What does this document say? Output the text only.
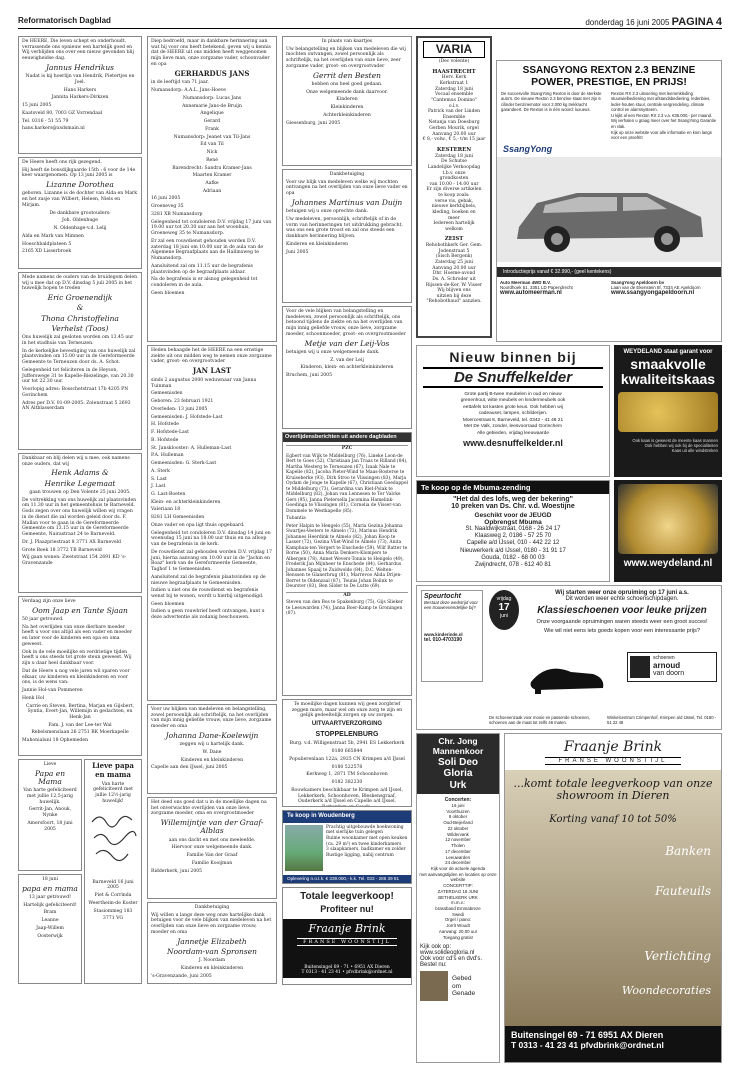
Reformatorisch Dagblad	donderdag 16 juni 2005 PAGINA 4

De HEERE, Die leven schept en onderhoudt, verrassende ons opnieuw een hartelijk goed en Wij verblijden ons over een nieuw gevonden blij eeuwigheidse dag.

Jannus Hendrikus

Nadat is kij hoerlijn van Hendrik, Pietertjes en Joel.

Hans Harkers

Jannita Harkers-Dirkzen

15 juni 2005

Kaatsveld 80, 7003 GZ Vorrendaal

Tel. 0316 - 51 55 79

hans.harkers@xsdsmain.nl

De Heere heeft ons rijk gezegend.

Hij heeft de bonsdijkgaarde 15th : 6 voor de 14e keer waargenomen. Op 13 juni 2005 is

Lizanne Dorothea

geboren. Lizanne is de dochter van Alda en Mark en het zusje van Wilbert, Heleen, Niels en Mirjam.

De dankbare grootouders:

Joh. Oldenhuge

N. Oldenhage-v.d. Lelij

Alda en Mark van Mimnen

Hoeschbaldplateen 5

2165 XD Lisserbroek

Mede namens de ouders van de bruidegom delen wij u mee dat op D.V. dinsdag 5 juli 2005 in het huwelijk hopen te treden

Eric Groenendijk

&

Thona Christoffelina

Verhelst (Toos)

Ons huwelijk zal gesloten worden om 13.45 uur in het stadhuis van Terneuzen.

In de kerkelijke bevestiging van ons huwelijk zal plaatsvinden om 15.00 uur in de Gereformeerde Gemeente te Terneuzen door ds. A. Schot.

Gelegenheid tot feliciteren in de Heyson, Jufferswege 31 te Kapelle-Biezelinge, van 20.30 uur tot 22.30 uur.

Voorlopig adres: Bosschetstraat 17b 4205 PN Gorinchem

Adres per D.V. 01-09-2005: Zolenstraat 5 2693 AN Altblasserdam

Dankbaar en blij delen wij u mee, ook namens onze ouders, dat wij

Henk Adams &

Henrike Legemaat

gaan trouwen op Den Volente 25 juni 2005.

De voltrekking van ons huwelijk zal plaatsvinden om 11.30 uur in het gemeentehuis te Barneveld. Gods zegen over ons huwelijk willen wij vragen in de dienst die zal worden geleid door ds. F. Mallan voor te gaan in de Gereformeerde Gemeente om 13.15 uur in de Gereformeerde Gemeente, Nairastraat 24 te Barneveld.

Dr. J. Plaazpriestraat 8 3771 AX Barneveld

Grote Beek 18 3772 TB Barneveld

Wij gaan wonen: Zwetstraat 154 2691 KD 's-Gravenzande

Verdaag zijn onze lieve

Oom Jaap en Tante Sjaan

50 jaar getrouwd.

Na het overlijden van onze dierbare moeder heeft u voor ons altijd als een vader en moeder en later voor de kinderen een opa en oma geweest.

Ook in de vele moeilijke en verdrietige tijden heeft u ons steeds tot grote steun geweest. Wij zijn u daar heel dankbaar voor.

Dat de Heere u nog vele jaren wil sparen voor elkaar, uw kinderen en kleinkinderen en voor ons, is de wens van:

Jannie Hol-van Pommeren

Henk Hol

Carrie en Steven, Bertina, Marjan en Gijsbert, Syntia, Evert-Jan, Willemijn in gedachten, en Henk-Jan

Fam. J. van der Lee-ter Wal

Rebelsmenslaan 26 2751 BK Moerkapelle

Mahonialuni 18 Ophemeden

Lieve

Papa en Mama

Van harte gefeliciteerd met jullie 12,5-jarig huwelijk.

Gerrit-Jan, Anouk, Nynke

Amersfoort, 18 juni 2005

Lieve papa en mama

Van harte gefeliciteerd met jullie 12½-jarig huwelijk!

Barneveld 16 juni 2005

Piet & Corrinda

Weertheim-de Koster

Stasiommeg 183

3771 VG

18 juni

papa en mama

13 jaar getrouwd!

Hartelijk gefeliciteerd!

Bram

Leanne

Jaap-Willem

Oosterwijk

Diep bedroefd, maar in dankbare herinnering aan wat hij voor ons heeft betekend, geven wij u kennis dat de HEERE uit ons midden heeft weggenomen mijn lieve man, onze zorgzame vader, schoonvader en opa

GERHARDUS JANS

in de leeftijd van 71 jaar.

Numansdorp: A.A.L. Jans-Hoeve

Numansdorp: Lucas Jans

Annemarie Jans-de Bruijn

Angelique

Gerard

Frank

Numansdorp: Jeanet van Til-Jans

Ed van Til

Nick

René

Barendrecht: Sandra Kramer-Jans

Maarten Kramer

Aafke

Adriaan

16 juni 2005

Groeneveg 35

3281 XB Numansdorp

Gelegenheid tot condoleren D.V. vrijdag 17 juni van 19.00 uur tot 20.30 uur aan het woonhuis, Groeneweg 35 te Numansdorp.

Er zal een rouwdienst gehouden worden D.V. zaterdag 18 juni om 10.00 uur in de aula van de Algemene Begraafplaats aan de Hallinxweg te Numansdorp.

Aansluitend zal om 11.15 uur de begrafenis plaatsvinden op de begraafplaats aldaar.

Na de begrafenis is er alsnog gelegenheid tot condoleren in de aula.

Geen bloemen

Heden behaagde het de HEERE na een ernstige ziekte uit ons midden weg te nemen onze zorgzame vader, groot- en overgrootvader

JAN LAST

sinds 2 augustus 2000 weduwnaar van Janna Tuinman

Gemeenisden

Geboren: 23 februari 1921

Overleden: 13 juni 2005

Gemeenisden: J. Hofstede-Last

H. Hofstede

F. Hofstede-Last

B. Hofstede

St. Jansklooster: A. Hulleman-Last

P.A. Hulleman

Gemeenisden: G. Sterk-Last

A. Sterk

S. Last

J. Last

G. Last-Boeten

Klein- en achterkleinkinderen

Valeriaan 18

8281 LH Gemeenisden

Onze vader en opa ligt thuis opgebaard.

Gelegenheid tot condoleren D.V. dinsdag 14 juni en woensdag 15 juni na 18.00 uur thuis en na afloop van de begrafenis in de kerk.

De rouwdienst zal gehouden worden D.V. vrijdag 17 juni, hierna aanvang om 10.00 uur in de "Jachin en Boaz" kerk van de Gereformeerde Gemeente, Taghof 1 te Gemeenisden.

Aansluitend zal de begrafenis plaatsvinden op de nieuwe begraafplaats te Gemeenisden.

Indien u niet ons de rouwdienst en begrafenis wenst bij te wonen, wordt u hierbij uitgenodigd.

Geen bloemen

Indien u geen rouwbrief heeft ontvangen, kunt u deze advertentie als zodanig beschouwen.

Voor uw blijken van medeleven en belangstelling, zowel persoonlijk als schriftelijk, na het overlijden van mijn innig geliefde vrouw, onze lieve, zorgzame moeder en oma

Johanna Dane-Koelewijn

zeggen wij u hartelijk dank.

W. Dane

Kinderen en kleinkinderen

Capelle aan den IJssel, juni 2005

Het deed ons goed dat u in de moeilijke dagen na het onverwachte overlijden van onze lieve, zorgzame moeder, oma en overgrootmoeder

Willemijntje van der Graaf-Alblas

aan ons dacht en met ons meeleefde.

Hiervoor onze welgemeende dank.

Familie Van der Graaf

Familie Kooijman

Ridderkerk, juni 2005

Dankbetuiging

Wij willen u langs deze weg onze hartelijke dank betuigen voor de vele blijken van medeleven na het overlijden van onze lieve en zorgzame vrouw, moeder en oma

Jannetje Elizabeth

Noordam-van Spronsen

J. Noordam

Kinderen en kleinkinderen

's-Gravenzande, juni 2005

In plaats van kaartjes

Uw belangstelling en blijken van medeleven die wij mochten ontvangen, zowel persoonlijk als schriftelijk, na het overlijden van onze lieve, zeer zorgzame vader, groot- en overgrootvader

Gerrit den Besten

hebben ons heel goed gedaan.

Onze welgemeende dank daarvoor.

Kinderen

Kleinkinderen

Achterkleinkinderen

Giessenburg, juni 2005

Dankbetuiging

Voor uw blijk van medeleven welke wij mochten ontvangen na het overlijden van onze lieve vader en opa

Johannes Martinus van Duijn

betuigen wij u onze oprechte dank.

Uw medeleven, persoonlijk, schriftelijk of in de vorm van herinneringen tot uitdrukking gebracht, was ons een grote troost en zal ons steeds een dankbare herinnering blijven.

Kinderen en kleinkinderen

Juni 2005

Voor de vele blijken van belangstelling en medeleven, zowel persoonlijk als schriftelijk, ons betoond tijdens de ziekte en na het overlijden van mijn innig geliefde vrouw, onze lieve, zorgzame moeder, schoonmoeder, groot- en overgrootmoeder

Metje van der Leij-Vos

betuigen wij u onze welgemeende dank.

Z. van der Leij

Kinderen, klein- en achterkleinkinderen

Bruchem, juni 2005

Overlijdensberichten uit andere dagbladen

PZC

Egbert van Wijk te Middelburg (76), Lineke Loon-de Bert te Goes (52), Christiaan Jan Traas te Rilland (84), Martha Westerg te Terneuzen (67), Izaak Nale te Kapelle (82), Jacoba Pieter-Wind te Maas-Bosterse te Kruiseberke (93), Dirk Stroo te Vlissingen (83), Marja Oydam de Jonge te Kapelle (67), Christiaan Goedappel te Middelburg (73), Gerardina van Riet-Polak te Middelburg (82), Johan van Lennesen te Ter Valcke Gers (95), Janna Pietersella Jacomina Hamelink-Goedinga te Vlissingen (81), Cornelia de Visser-van Dommele te Westkapelle (85).

Tubantia

Peter Halpin te Hengelo (55), Maria Gezina Johanna Swartjes-Veeters te Almelo (72), Marinus Hendrik Johannes Heerdink te Almelo (82), Johan Koop te Lasser (72), Gezina Vliet-Wind te Almelo (73), Anita Kamphuis-ten Vergert te Enschede (59), Wilf Ratter te Borne (50), Anna Maria Denkers-Klompers te Albergen (78), Annet Wevers-Tonnis te Hengelo (49), Frederik Jan Mijnheer te Enschede (84), Gerhardus Johannes Spaaij te Zuidwolde (84), D.C. Welten-Renssen te Glanerbrug (81), Marrevoo Alida Drijen-Berret te Oldenzaal (87), Teunis Johan Bolink te Deurster (83), Ben Silder te De Lutte (69).

AD

Steven van den Bos te Spakenburg (75), Gijs Slieker te Leeuwarden (74), Janna Boer-Kamp te Groningen (87).

Te moeilijke dagen kunnen wij geen zorgbrief zeggen mare, maar wel om onze zorg te zijn en gelijk gedeeltelijk zorgen op uw zorgen.

UITVAARTVERZORGING

STOPPELENBURG

Burg. v.d. Willigenstraat 5b, 2941 ES Lekkerkerk

0180 665844

Populierenlaan 122a, 2925 CN Krimpen a/d IJssel

0180 522578

Kerkweg 1, 2871 TM Schoonhoven

0182 382230

Rouwkamers beschikbaar te Krimpen a/d IJssel, Lekkerkerk, Schoonhoven, Bleskensgraaf, Ouderkerk a/d IJssel en Capelle a/d IJssel.

Te koop in Woudenberg
Prachtig uitgebouwde hoekwoning met sierlijke tuin gelegen
Ruime woonkamer met open keuken (ca. 29 m²) en twee kinderkamers
3 slaapkamers, badkamer en zolder
Rustige ligging, nabij centrum
Oplevering n.o.t.k. € 339.000,- k.k. Tel. 033 - 286 39 81
Totale leegverkoop!
Profiteer nu!
Fraanje Brink
FRANSE WOONSTIJL
Buitensingel 69 - 71 • 6951 AX Dieren
T 0313 - 41 23 41 • pfvdbrink@ordnet.nl
VARIA
(Dec volente)
HAASTRECHT
Herv. Kerk
Kerkstraat 1
Zaterdag 18 juni
Vocaal ensemble
"Cantemus Domino"
o.l.v.
Patrick van der Linden
Ensemble
Netanja van Doesburg
Gerben Mourik, orgel
Aanvang 20.00 uur
€ 8,- volw., € 5,- t/m 15 jaar
KESTEREN
Zaterdag 18 juni
De Schutse
Landelijke Verkoopdag
t.b.v. onze
grondkosten
van 10.00 - 14.00 uur
Er zijn diverse artikelen
te koop zoals:
verse vis, gebak,
nieuwe kerkbijbels,
kleding, boeken en
meer
Iedereen hartelijk
welkom
ZEIST
Rehobothkerk Ger. Gem.
Jodenstraat 5
(Sisch Bergenk)
Zaterdag 25 juni
Aanvang 20.00 uur
Dhr. Hoeme-avond
Ds. A. Schroder uit
Rijssen-de-Ker, W. Visser
Wij blijven ons
uitzien bij deze
"Rehobothaud" aanzien.
SSANGYONG REXTON 2.3 BENZINE
POWER, PRESTIGE, EN PRIJS!

De succesvolle SsangYong Rexton is door de sterkste auto's. De nieuwe Rexton 2.3 benzine staat met zijn 6 cilinder benzinemotor voor 2.000 kg trekkracht garandeert. De Rexton is in één woord: luxueus.

Rexton RX 2.3 uitvoering met leeromkleding stuurwielbediening met afstandsbediening, ledenbies, leder-houten stuur, centrale vergrendeling, climate control en alarmsysteem.

U kijkt al een Rexton RX 2.3 v.a. €36.000,- per maand. Wij verhalen u graag meer over het SsangYong Garantie en vlak.

Kijk op onze website voor alle informatie en kom langs voor een proefrit!

SsangYong
Introductieprijs vanaf € 32.990,- (geel kentekens)
Auto Meerman 4WD B.V.
Noordhoek 51, 3351 LD Papendrecht
www.automeerman.nl
SsangYong Apeldoorn bv
Laan van de Ekenstein 5f, 7334 AE Apeldoorn
www.ssangyongapeldoorn.nl
Nieuw binnen bij
De Snuffelkelder
Grote partij B-twee meubelen in oud en nieuw
grenenhout, witte meubels en kindermeubels ook
eettafels tot kasten grote keus. Ook hebben wij
cadeauset, lampen, schilderijen.
Moercestraat 8, Barneveld, tel. 0342 - 41 48 21
Met De Valk, zonder, leesvoorraad Gorinchem
Alle gebieden, vrijdag leeuwaarde
www.desnuffelkelder.nl
WEYDELAND staat garant voor
smaakvolle kwaliteitskaas
Ook kaas is geweest de meeste kaas mannen
Ook hebben wij ook bij de specialiteiten
Kaas uit alle windstreken
Te koop op de Mbuma-zending
"Het dal des lofs, weg der bekering"
10 preken van Ds. Chr. v.d. Woestijne
Geschikt voor de JEUGD
Opbrengst Mbuma
St. Naaldwijkstraat, 0168 - 26 24 17
Klaasweg 2, 0186 - 57 25 70
Capelle a/d IJssel, 010 - 442 22 12
Nieuwerkerk a/d IJssel, 0180 - 31 91 17
Gouda, 0182 - 68 00 03
Zwijndrecht, 078 - 612 40 81	www.weydeland.nl
Speurtocht
Bestaat deze wedstrijd voor een trouwevriendelijke bij?
www.kinderinde.nl
tel. 010-4703190
vrijdag
17
juni
Wij starten weer onze opruiming op 17 juni a.s.
Dit worden weer echte schoenschipdagen.
Klassieschoenen voor leuke prijzen
Onze voorgaande opruimingen waren steeds weer een groot succes!
Wie wil niet eens iets goeds kopen voor een interessante prijs?
schoenen
arnoud
van doorn
De schoenenzaak voor mooie en passende schoenen, schoenen aan de maat tot zelfs 46 maten.
Winkelcentrum Crimpenhof, Krimpen a/d IJssel, Tel. 0180 - 51 22 48
Chr. Jong
Mannenkoor
Soli Deo
Gloria
Urk
Concerten:
16 juni
Voorthuizen
8 oktober
Oud-Beijerland
22 oktober
Wildervank
12 november
Tholen
17 december
Leeuwarden
24 december
Kijk voor de actuele agenda
met aanvangstijden en locaties op onze website
CONCERTTIP:
ZATERDAG 18 JUNI
BETHELKERK URK
m.m.v.:
brassband Emmabreze
Swedi
Orgel / piano:
Jorrit Woudt
Aanvang: 20.00 uur
Toegang gratis!
Kijk ook op:
www.solideogloria.nl
Ook voor cd's en dvd's. Bestel nu:
Gebed
om
Genade
Fraanje Brink
FRANSE WOONSTIJL
...komt totale leegverkoop van onze showroom in Dieren
Korting vanaf 10 tot 50%
Banken
Fauteuils
Verlichting
Woondecoraties
Buitensingel 69 - 71 6951 AX Dieren
T 0313 - 41 23 41 pfvdbrink@ordnet.nl
